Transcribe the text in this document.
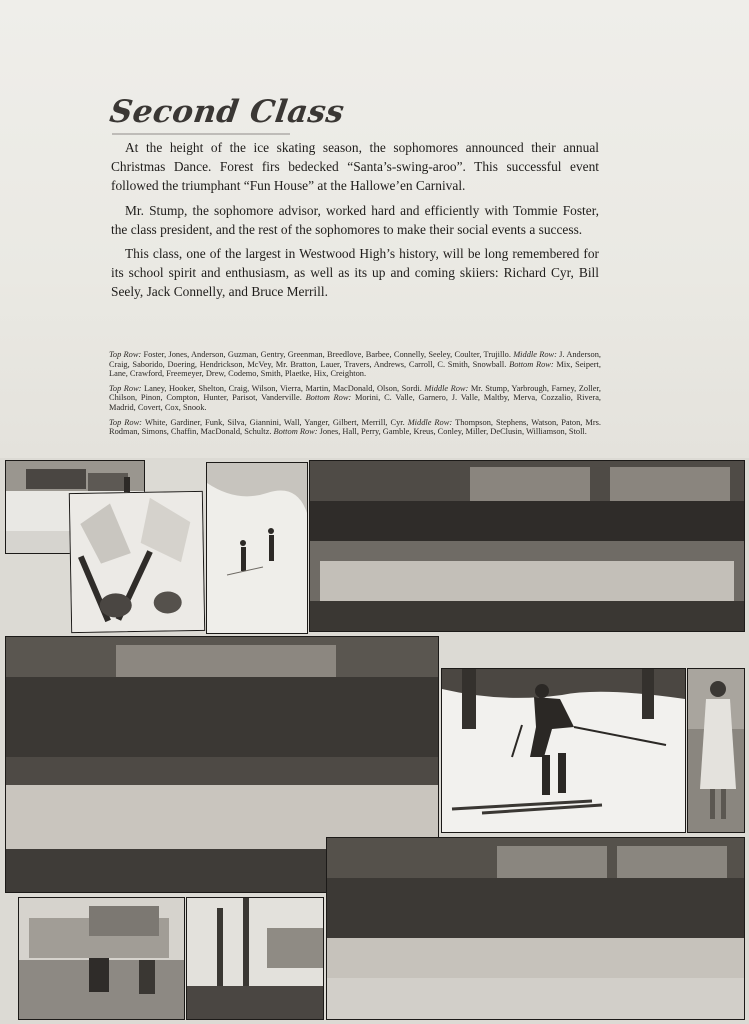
Second Class

At the height of the ice skating season, the sophomores announced their annual Christmas Dance. Forest firs bedecked “Santa’s-swing-aroo”. This successful event followed the triumphant “Fun House” at the Hallowe’en Carnival.

Mr. Stump, the sophomore advisor, worked hard and efficiently with Tommie Foster, the class president, and the rest of the sophomores to make their social events a success.

This class, one of the largest in Westwood High’s history, will be long remembered for its school spirit and enthusiasm, as well as its up and coming skiiers: Richard Cyr, Bill Seely, Jack Connelly, and Bruce Merrill.

Top Row: Foster, Jones, Anderson, Guzman, Gentry, Greenman, Breedlove, Barbee, Connelly, Seeley, Coulter, Trujillo. Middle Row: J. Anderson, Craig, Saborido, Doering, Hendrickson, McVey, Mr. Bratton, Lauer, Travers, Andrews, Carroll, C. Smith, Snowball. Bottom Row: Mix, Seipert, Lane, Crawford, Freemeyer, Drew, Codemo, Smith, Plaetke, Hix, Creighton.
Top Row: Laney, Hooker, Shelton, Craig, Wilson, Vierra, Martin, MacDonald, Olson, Sordi. Middle Row: Mr. Stump, Yarbrough, Farney, Zoller, Chilson, Pinon, Compton, Hunter, Parisot, Vanderville. Bottom Row: Morini, C. Valle, Garnero, J. Valle, Maltby, Merva, Cozzalio, Rivera, Madrid, Covert, Cox, Snook.
Top Row: White, Gardiner, Funk, Silva, Giannini, Wall, Yanger, Gilbert, Merrill, Cyr. Middle Row: Thompson, Stephens, Watson, Paton, Mrs. Rodman, Simons, Chaffin, MacDonald, Schultz. Bottom Row: Jones, Hall, Perry, Gamble, Kreus, Conley, Miller, DeClusin, Williamson, Stoll.
